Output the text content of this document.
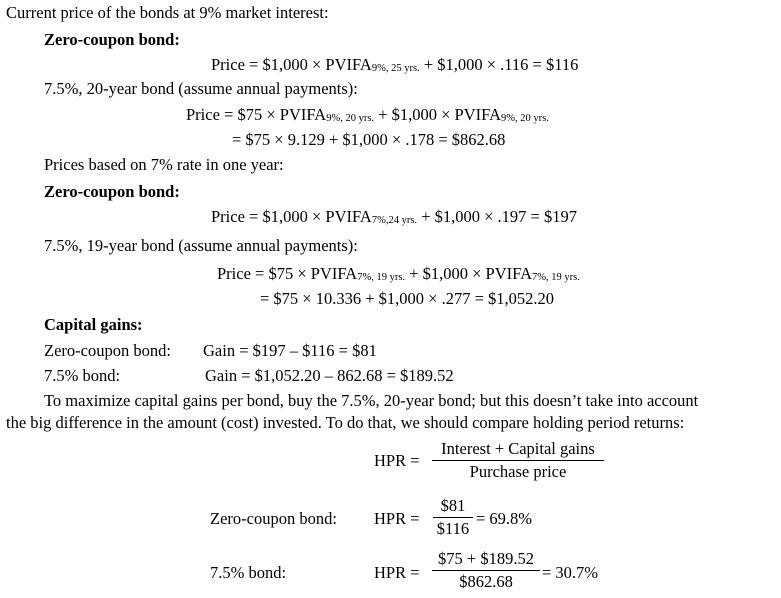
Current price of the bonds at 9% market interest:
Zero-coupon bond:
Price = $1,000 × PVIFA9%, 25 yrs. + $1,000 × .116 = $116
7.5%, 20-year bond (assume annual payments):
Price = $75 × PVIFA9%, 20 yrs. + $1,000 × PVIFA9%, 20 yrs.
= $75 × 9.129 + $1,000 × .178 = $862.68
Prices based on 7% rate in one year:
Zero-coupon bond:
Price = $1,000 × PVIFA7%,24 yrs. + $1,000 × .197 = $197
7.5%, 19-year bond (assume annual payments):
Price = $75 × PVIFA7%, 19 yrs. + $1,000 × PVIFA7%, 19 yrs.
= $75 × 10.336 + $1,000 × .277 = $1,052.20
Capital gains:
Zero-coupon bond: Gain = $197 – $116 = $81
7.5% bond:	Gain = $1,052.20 – 862.68 = $189.52
To maximize capital gains per bond, buy the 7.5%, 20-year bond; but this doesn’t take into account
the big difference in the amount (cost) invested. To do that, we should compare holding period returns:
HPR =
Interest + Capital gains
Purchase price
Zero-coupon bond: HPR =
$81
$116
= 69.8%
7.5% bond:	HPR =
$75 + $189.52
$862.68	= 30.7%
